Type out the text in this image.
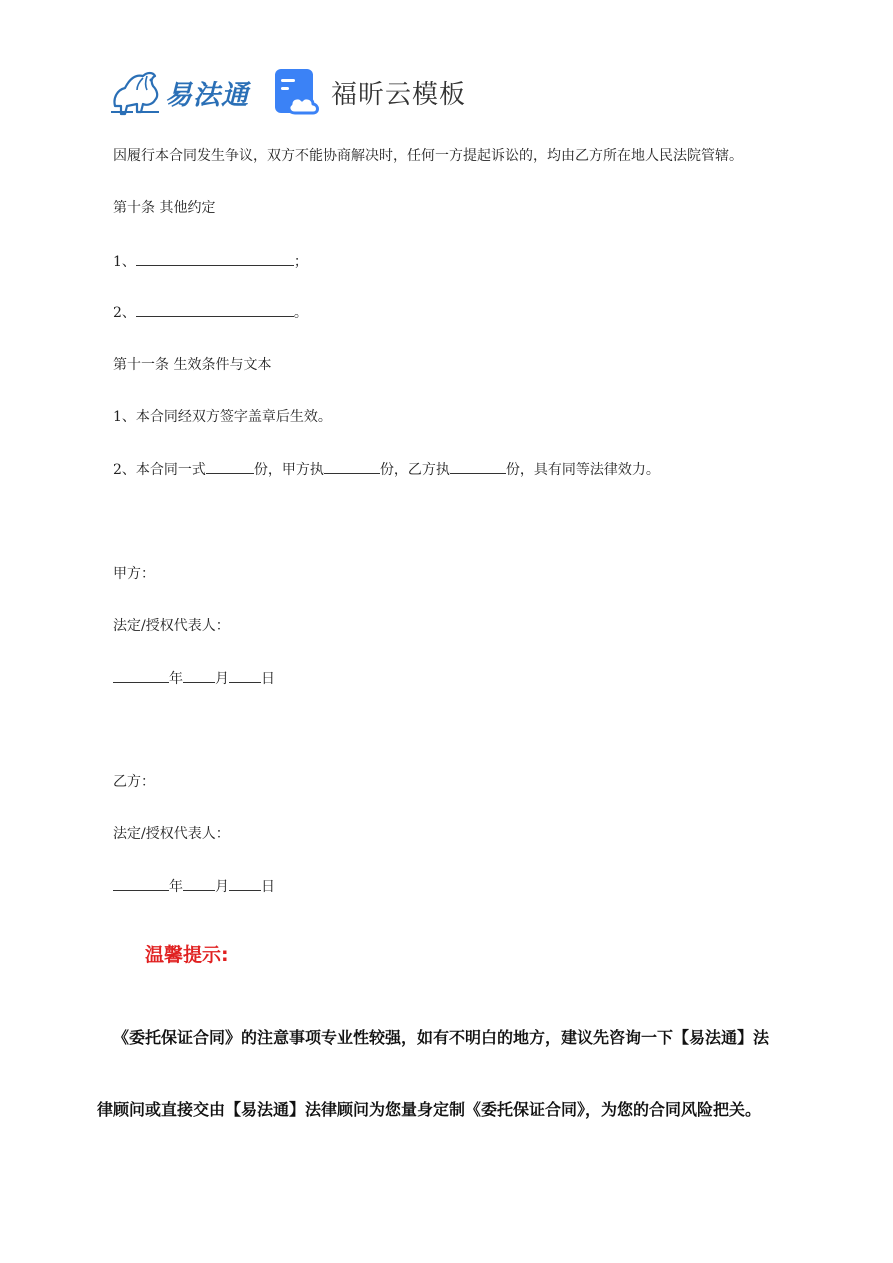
易法通	福昕云模板
因履行本合同发生争议，双方不能协商解决时，任何一方提起诉讼的，均由乙方所在地人民法院管辖。
第十条 其他约定
1、	；
2、	。
第十一条 生效条件与文本
1、本合同经双方签字盖章后生效。
2、本合同一式	份，甲方执	份，乙方执	份，具有同等法律效力。
甲方：
法定/授权代表人：
年 月 日
乙方：
法定/授权代表人：
年 月 日
温馨提示:
《委托保证合同》的注意事项专业性较强，如有不明白的地方，建议先咨询一下【易法通】法
律顾问或直接交由【易法通】法律顾问为您量身定制《委托保证合同》，为您的合同风险把关。
